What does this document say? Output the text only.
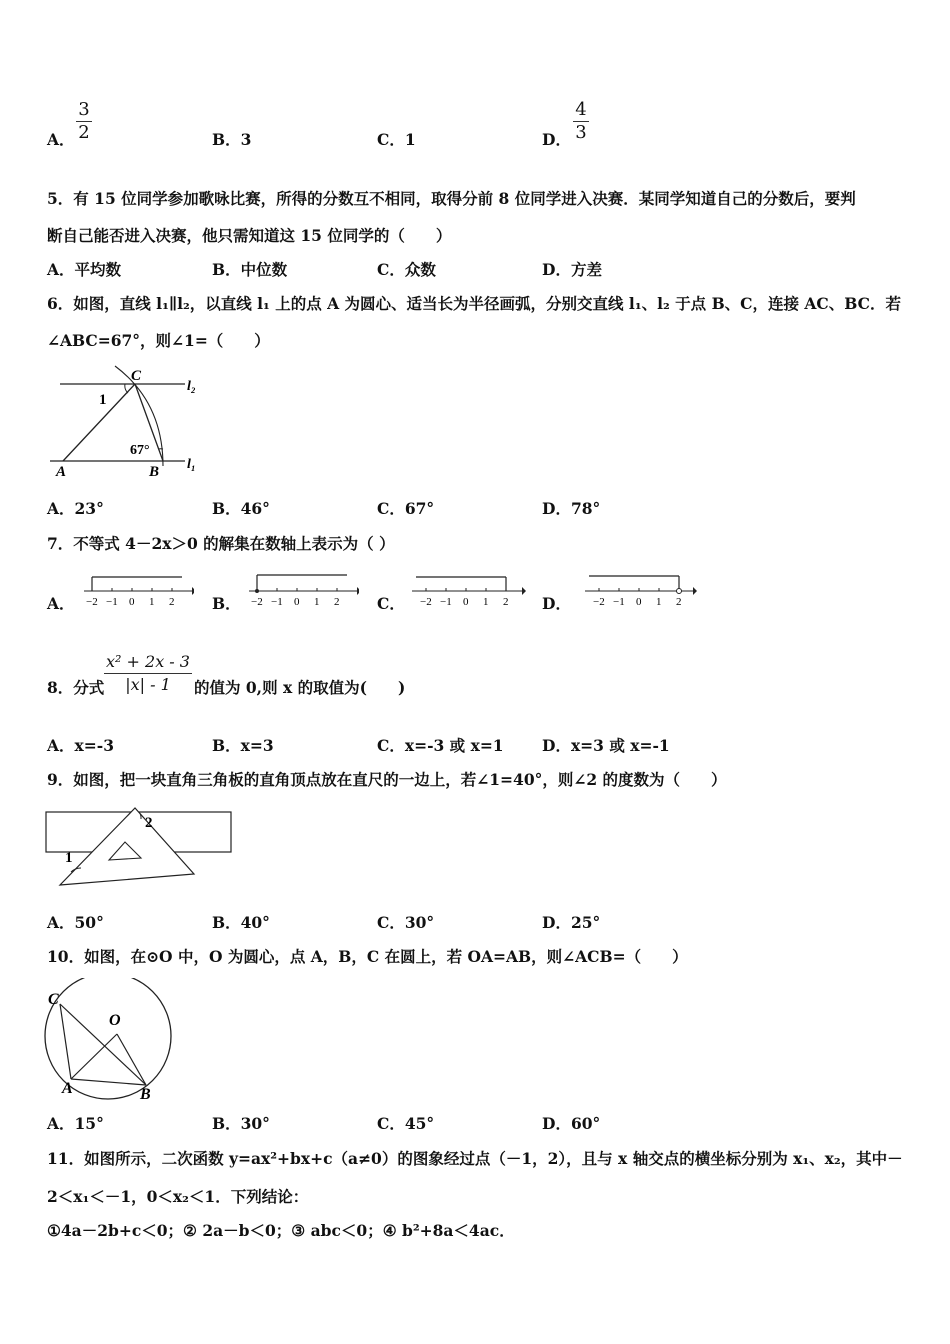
A．
3
2	B．3	C．1	D．
4
3
5．有 15 位同学参加歌咏比赛，所得的分数互不相同，取得分前 8 位同学进入决赛．某同学知道自己的分数后，要判
断自己能否进入决赛，他只需知道这 15 位同学的（　　）
A．平均数	B．中位数	C．众数	D．方差
6．如图，直线 l₁∥l₂，以直线 l₁ 上的点 A 为圆心、适当长为半径画弧，分别交直线 l₁、l₂ 于点 B、C，连接 AC、BC．若
∠ABC=67°，则∠1=（　　）
C
l₂
l₁
1
67°
A	B
A．23°	B．46°	C．67°	D．78°
7．不等式 4－2x＞0 的解集在数轴上表示为（ ）
A． −2 −1 0 1 2 B． −2 −1 0 1 2 C． −2 −1 0 1 2 D． −2 −1 0 1 2
8．分式
x² + 2x - 3
|x| - 1	的值为 0,则 x 的取值为(　　)
A．x=-3	B．x=3	C．x=-3 或 x=1 D．x=3 或 x=-1
9．如图，把一块直角三角板的直角顶点放在直尺的一边上，若∠1=40°，则∠2 的度数为（　　）
1
2
A．50°	B．40°	C．30°	D．25°
10．如图，在⊙O 中，O 为圆心，点 A，B，C 在圆上，若 OA=AB，则∠ACB=（　　）
C
O
A	B
A．15°	B．30°	C．45°	D．60°
11．如图所示，二次函数 y=ax²+bx+c（a≠0）的图象经过点（－1，2），且与 x 轴交点的横坐标分别为 x₁、x₂，其中－
2＜x₁＜－1，0＜x₂＜1．下列结论：
①4a－2b+c＜0；② 2a－b＜0；③ abc＜0；④ b²+8a＜4ac．
